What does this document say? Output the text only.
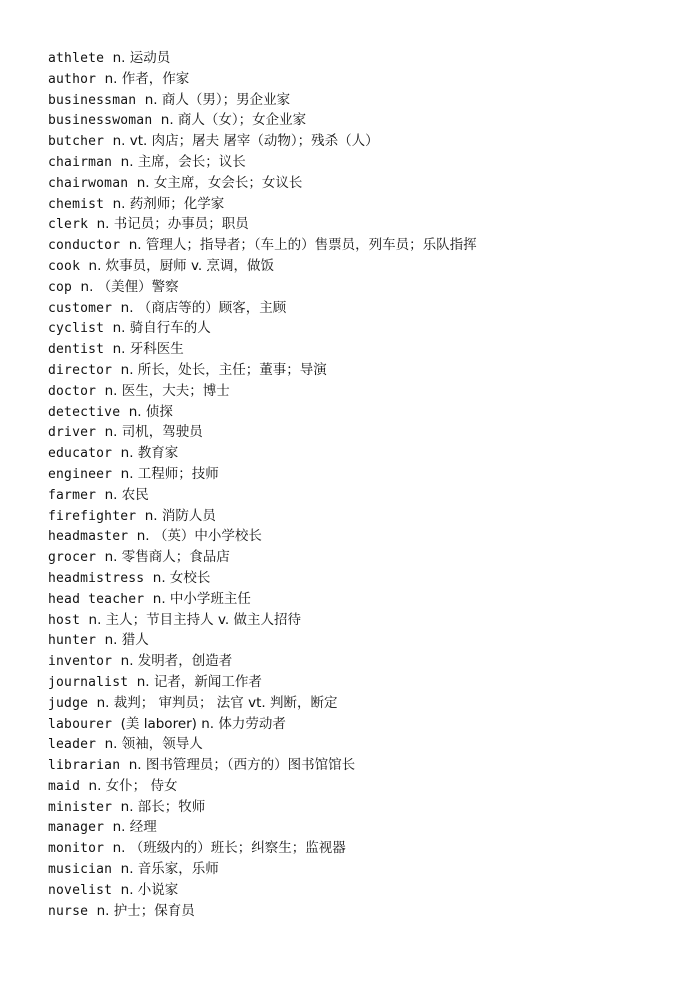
athlete n. 运动员
author n. 作者，作家
businessman n. 商人（男）；男企业家
businesswoman n. 商人（女）；女企业家
butcher n. vt. 肉店；屠夫 屠宰（动物）；残杀（人）
chairman n. 主席，会长；议长
chairwoman n. 女主席，女会长；女议长
chemist n. 药剂师；化学家
clerk n. 书记员；办事员；职员
conductor n. 管理人；指导者；（车上的）售票员，列车员；乐队指挥
cook n. 炊事员，厨师 v. 烹调，做饭
cop n. （美俚）警察
customer n. （商店等的）顾客，主顾
cyclist n. 骑自行车的人
dentist n. 牙科医生
director n. 所长，处长，主任；董事；导演
doctor n. 医生，大夫；博士
detective n. 侦探
driver n. 司机，驾驶员
educator n. 教育家
engineer n. 工程师；技师
farmer n. 农民
firefighter n. 消防人员
headmaster n. （英）中小学校长
grocer n. 零售商人；食品店
headmistress n. 女校长
head teacher n. 中小学班主任
host n. 主人；节目主持人 v. 做主人招待
hunter n. 猎人
inventor n. 发明者，创造者
journalist n. 记者，新闻工作者
judge n. 裁判； 审判员； 法官 vt. 判断，断定
labourer (美 laborer) n. 体力劳动者
leader n. 领袖，领导人
librarian n. 图书管理员；（西方的）图书馆馆长
maid n. 女仆； 侍女
minister n. 部长；牧师
manager n. 经理
monitor n. （班级内的）班长；纠察生；监视器
musician n. 音乐家，乐师
novelist n. 小说家
nurse n. 护士；保育员
